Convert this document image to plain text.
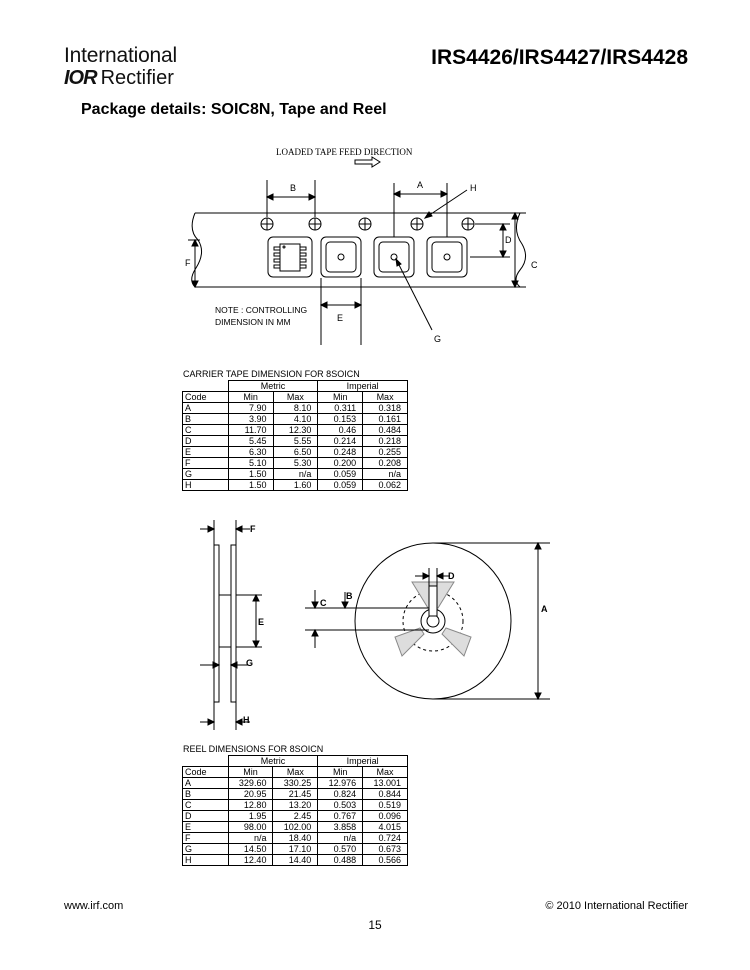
International
IOR Rectifier
IRS4426/IRS4427/IRS4428
Package details: SOIC8N, Tape and Reel
LOADED TAPE FEED DIRECTION
B	A	H
D
C
F
E
G
NOTE : CONTROLLING
DIMENSION IN MM
CARRIER TAPE DIMENSION FOR 8SOICN
	Metric		Imperial	
Code	Min	Max	Min	Max
A	7.90	8.10	0.311	0.318
B	3.90	4.10	0.153	0.161
C	11.70	12.30	0.46	0.484
D	5.45	5.55	0.214	0.218
E	6.30	6.50	0.248	0.255
F	5.10	5.30	0.200	0.208
G	1.50	n/a	0.059	n/a
H	1.50	1.60	0.059	0.062
F
E
G
H
B
C
D
A
REEL DIMENSIONS FOR 8SOICN
	Metric		Imperial	
Code	Min	Max	Min	Max
A	329.60	330.25	12.976	13.001
B	20.95	21.45	0.824	0.844
C	12.80	13.20	0.503	0.519
D	1.95	2.45	0.767	0.096
E	98.00	102.00	3.858	4.015
F	n/a	18.40	n/a	0.724
G	14.50	17.10	0.570	0.673
H	12.40	14.40	0.488	0.566
www.irf.com	© 2010 International Rectifier
15
